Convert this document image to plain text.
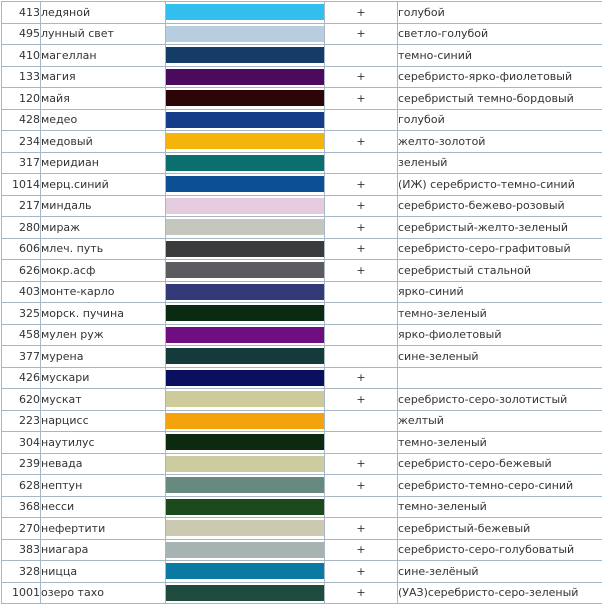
413	ледяной		+	голубой
495	лунный свет		+	светло-голубой
410	магеллан			темно-синий
133	магия		+	серебристо-ярко-фиолетовый
120	майя		+	серебристый темно-бордовый
428	медео			голубой
234	медовый		+	желто-золотой
317	меридиан			зеленый
1014	мерц.синий		+	(ИЖ) серебристо-темно-синий
217	миндаль		+	серебристо-бежево-розовый
280	мираж		+	серебристый-желто-зеленый
606	млеч. путь		+	серебристо-серо-графитовый
626	мокр.асф		+	серебристый стальной
403	монте-карло			ярко-синий
325	морск. пучина			темно-зеленый
458	мулен руж			ярко-фиолетовый
377	мурена			сине-зеленый
426	мускари		+	
620	мускат		+	серебристо-серо-золотистый
223	нарцисс			желтый
304	наутилус			темно-зеленый
239	невада		+	серебристо-серо-бежевый
628	нептун		+	серебристо-темно-серо-синий
368	несси			темно-зеленый
270	нефертити		+	серебристый-бежевый
383	ниагара		+	серебристо-серо-голубоватый
328	ницца		+	сине-зелёный
1001	озеро тахо		+	(УАЗ)серебристо-серо-зеленый
